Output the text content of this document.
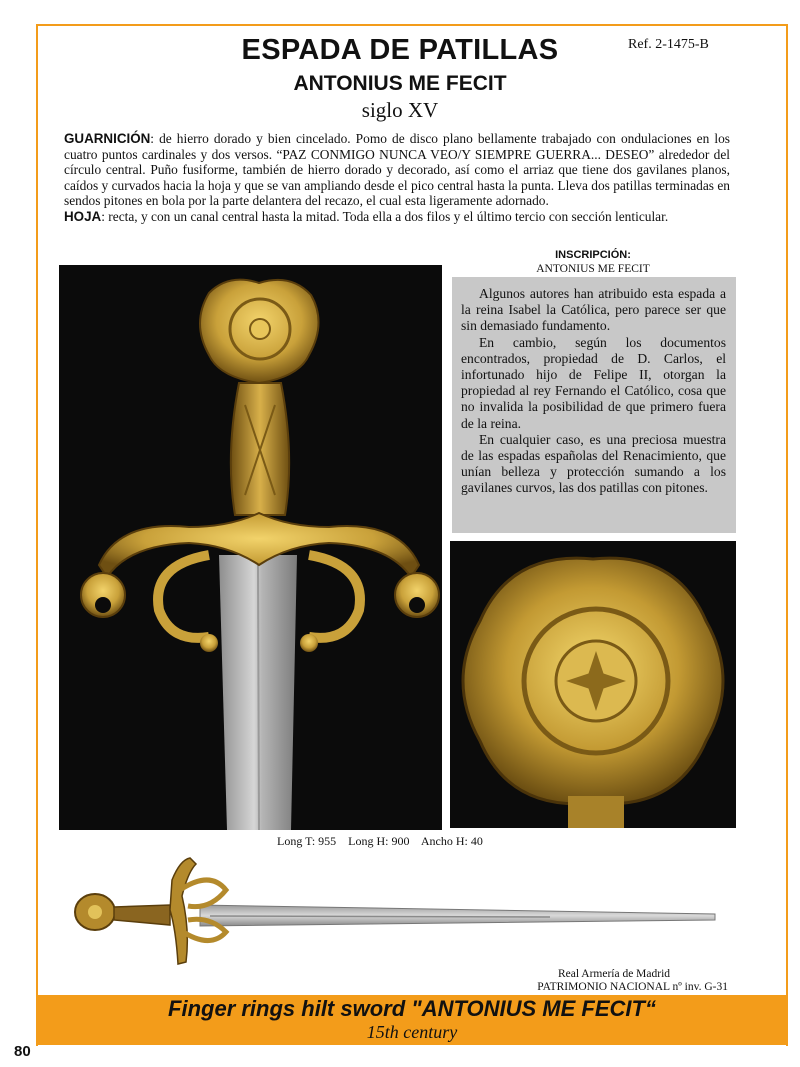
ESPADA DE PATILLAS
ANTONIUS ME FECIT
siglo XV
Ref. 2-1475-B
GUARNICIÓN: de hierro dorado y bien cincelado. Pomo de disco plano bellamente trabajado con ondulaciones en los cuatro puntos cardinales y dos versos. “PAZ CONMIGO NUNCA VEO/Y SIEMPRE GUERRA... DESEO” alrededor del círculo central. Puño fusiforme, también de hierro dorado y decorado, así como el arriaz que tiene dos gavilanes planos, caídos y curvados hacia la hoja y que se van ampliando desde el pico central hasta la punta. Lleva dos patillas terminadas en sendos pitones en bola por la parte delantera del recazo, el cual esta ligeramente adornado.
HOJA: recta, y con un canal central hasta la mitad. Toda ella a dos filos y el último tercio con sección lenticular.
INSCRIPCIÓN:
ANTONIUS ME FECIT

Algunos autores han atribuido esta espada a la reina Isabel la Católica, pero parece ser que sin demasiado fundamento.

En cambio, según los documentos encontrados, propiedad de D. Carlos, el infortunado hijo de Felipe II, otorgan la propiedad al rey Fernando el Católico, cosa que no invalida la posibilidad de que primero fuera de la reina.

En cualquier caso, es una preciosa muestra de las espadas españolas del Renacimiento, que unían belleza y protección sumando a los gavilanes curvos, las dos patillas con pitones.

Long T: 955    Long H: 900    Ancho H: 40
Real Armería de Madrid
PATRIMONIO NACIONAL nº inv. G-31
Finger rings hilt sword "ANTONIUS ME FECIT“
15th century
80
